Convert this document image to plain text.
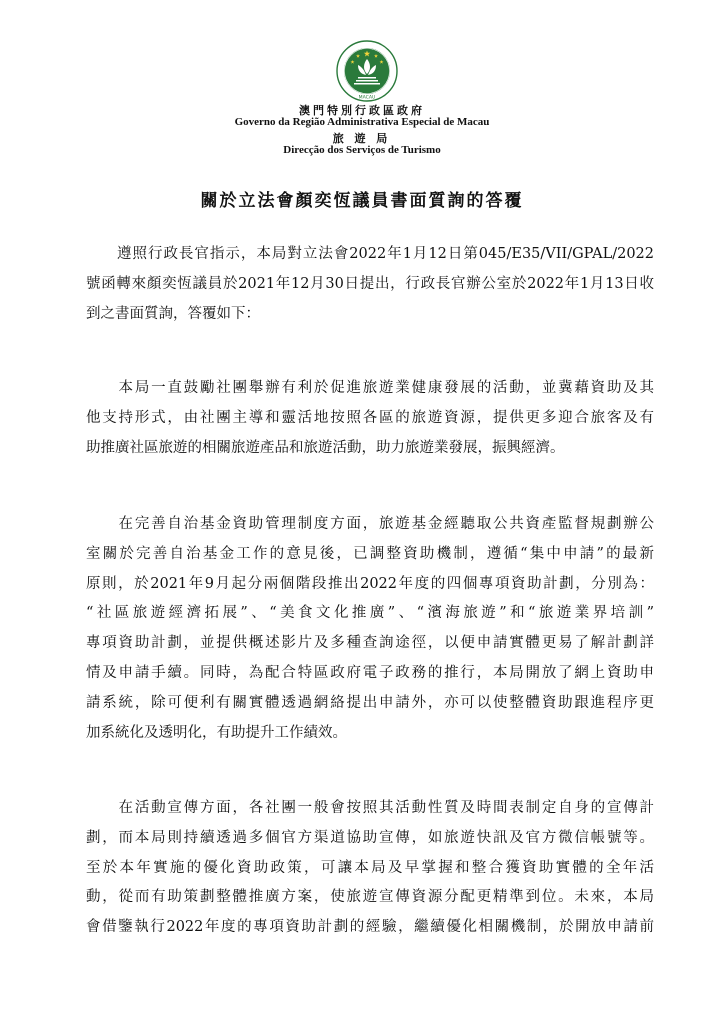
MACAU
澳門特別行政區政府
Governo da Região Administrativa Especial de Macau
旅 遊 局
Direcção dos Serviços de Turismo
關於立法會顏奕恆議員書面質詢的答覆
　　遵照行政長官指示，本局對立法會2022年1月12日第045/E35/VII/GPAL/2022
號函轉來顏奕恆議員於2021年12月30日提出，行政長官辦公室於2022年1月13日收
到之書面質詢，答覆如下：
　　本局一直鼓勵社團舉辦有利於促進旅遊業健康發展的活動，並冀藉資助及其
他支持形式，由社團主導和靈活地按照各區的旅遊資源，提供更多迎合旅客及有
助推廣社區旅遊的相關旅遊產品和旅遊活動，助力旅遊業發展，振興經濟。
　　在完善自治基金資助管理制度方面，旅遊基金經聽取公共資產監督規劃辦公
室關於完善自治基金工作的意見後，已調整資助機制，遵循“集中申請”的最新
原則，於2021年9月起分兩個階段推出2022年度的四個專項資助計劃，分別為：
“社區旅遊經濟拓展”、“美食文化推廣”、“濱海旅遊”和“旅遊業界培訓”
專項資助計劃，並提供概述影片及多種查詢途徑，以便申請實體更易了解計劃詳
情及申請手續。同時，為配合特區政府電子政務的推行，本局開放了網上資助申
請系統，除可便利有關實體透過網絡提出申請外，亦可以使整體資助跟進程序更
加系統化及透明化，有助提升工作績效。
　　在活動宣傳方面，各社團一般會按照其活動性質及時間表制定自身的宣傳計
劃，而本局則持續透過多個官方渠道協助宣傳，如旅遊快訊及官方微信帳號等。
至於本年實施的優化資助政策，可讓本局及早掌握和整合獲資助實體的全年活
動，從而有助策劃整體推廣方案，使旅遊宣傳資源分配更精準到位。未來，本局
會借鑒執行2022年度的專項資助計劃的經驗，繼續優化相關機制，於開放申請前
